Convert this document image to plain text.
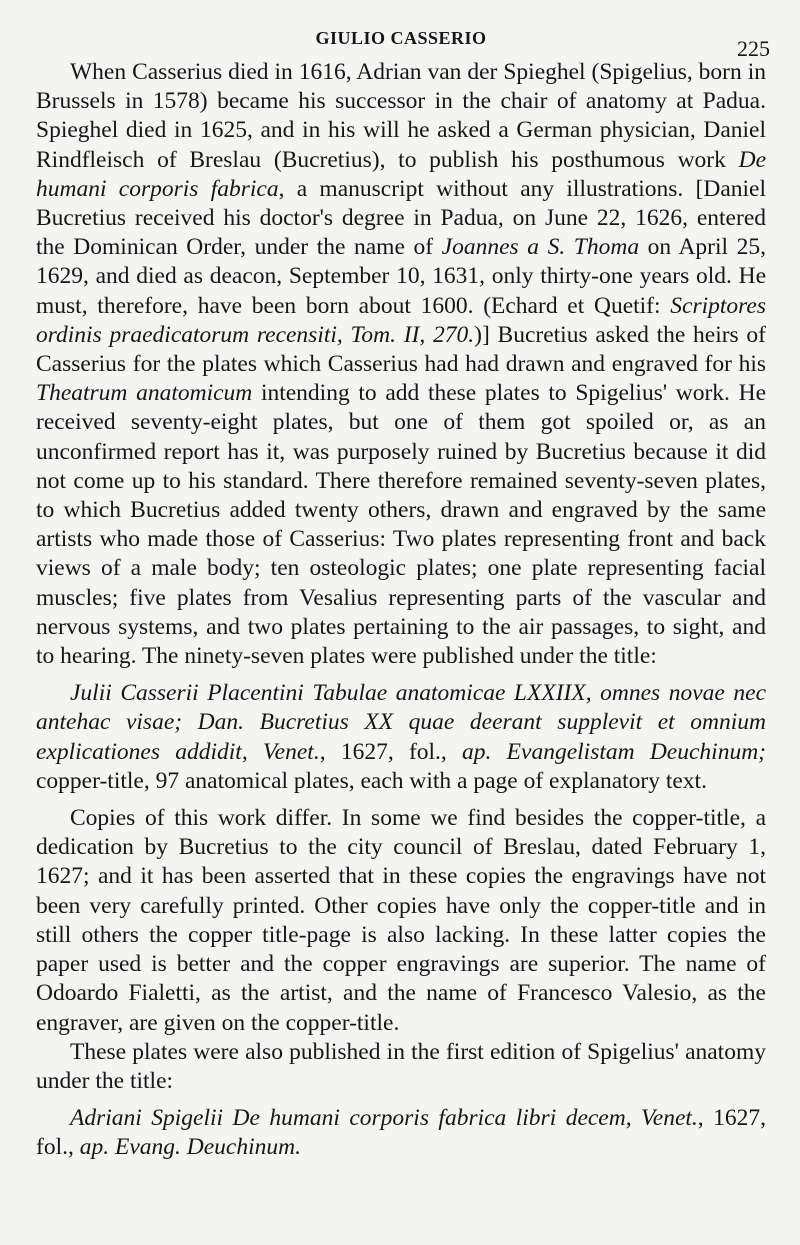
GIULIO CASSERIO	225

When Casserius died in 1616, Adrian van der Spieghel (Spigelius, born in Brussels in 1578) became his successor in the chair of anatomy at Padua. Spieghel died in 1625, and in his will he asked a German physician, Daniel Rindfleisch of Breslau (Bucretius), to publish his posthumous work De humani corporis fabrica, a manuscript without any illustrations. [Daniel Bucretius received his doctor's degree in Padua, on June 22, 1626, entered the Dominican Order, under the name of Joannes a S. Thoma on April 25, 1629, and died as deacon, September 10, 1631, only thirty-one years old. He must, therefore, have been born about 1600. (Echard et Quetif: Scriptores ordinis praedicatorum recensiti, Tom. II, 270.)] Bucretius asked the heirs of Casserius for the plates which Casserius had had drawn and engraved for his Theatrum anatomicum intending to add these plates to Spigelius' work. He received seventy-eight plates, but one of them got spoiled or, as an unconfirmed report has it, was purposely ruined by Bucretius because it did not come up to his standard. There therefore remained seventy-seven plates, to which Bucretius added twenty others, drawn and engraved by the same artists who made those of Casserius: Two plates representing front and back views of a male body; ten osteologic plates; one plate representing facial muscles; five plates from Vesalius representing parts of the vascular and nervous systems, and two plates pertaining to the air passages, to sight, and to hearing. The ninety-seven plates were published under the title:

Julii Casserii Placentini Tabulae anatomicae LXXIIX, omnes novae nec antehac visae; Dan. Bucretius XX quae deerant supplevit et omnium explicationes addidit, Venet., 1627, fol., ap. Evangelistam Deuchinum; copper-title, 97 anatomical plates, each with a page of explanatory text.

Copies of this work differ. In some we find besides the copper-title, a dedication by Bucretius to the city council of Breslau, dated February 1, 1627; and it has been asserted that in these copies the engravings have not been very carefully printed. Other copies have only the copper-title and in still others the copper title-page is also lacking. In these latter copies the paper used is better and the copper engravings are superior. The name of Odoardo Fialetti, as the artist, and the name of Francesco Valesio, as the engraver, are given on the copper-title.

These plates were also published in the first edition of Spigelius' anatomy under the title:

Adriani Spigelii De humani corporis fabrica libri decem, Venet., 1627, fol., ap. Evang. Deuchinum.
